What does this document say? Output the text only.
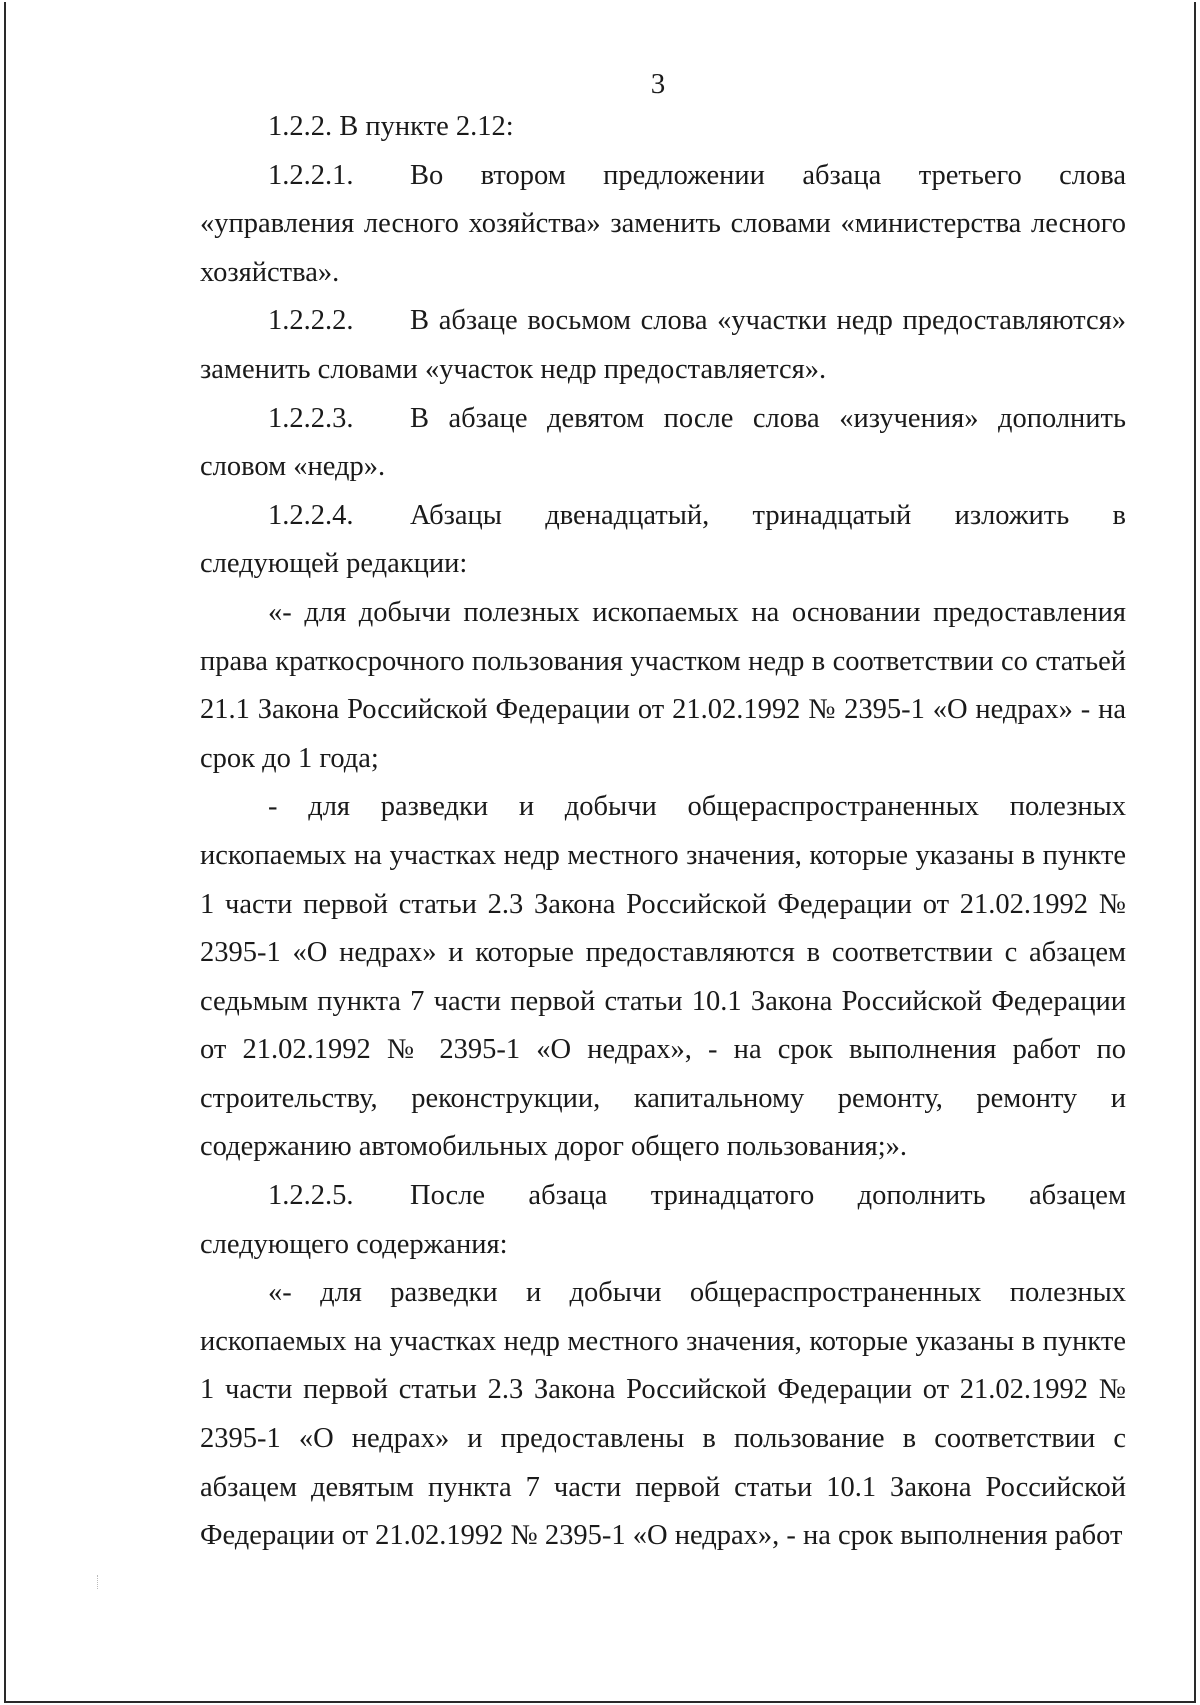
3

1.2.2. В пункте 2.12:

1.2.2.1. Во втором предложении абзаца третьего слова «управления лесного хозяйства» заменить словами «министерства лесного хозяйства».

1.2.2.2. В абзаце восьмом слова «участки недр предоставляются» заменить словами «участок недр предоставляется».

1.2.2.3. В абзаце девятом после слова «изучения» дополнить словом «недр».

1.2.2.4. Абзацы двенадцатый, тринадцатый изложить в следующей редакции:

«- для добычи полезных ископаемых на основании предоставления права краткосрочного пользования участком недр в соответствии со статьей 21.1 Закона Российской Федерации от 21.02.1992 № 2395-1 «О недрах» - на срок до 1 года;

- для разведки и добычи общераспространенных полезных ископаемых на участках недр местного значения, которые указаны в пункте 1 части первой статьи 2.3 Закона Российской Федерации от 21.02.1992 № 2395-1 «О недрах» и которые предоставляются в соответствии с абзацем седьмым пункта 7 части первой статьи 10.1 Закона Российской Федерации от 21.02.1992 № 2395-1 «О недрах», - на срок выполнения работ по строительству, реконструкции, капитальному ремонту, ремонту и содержанию автомобильных дорог общего пользования;».

1.2.2.5. После абзаца тринадцатого дополнить абзацем следующего содержания:

«- для разведки и добычи общераспространенных полезных ископаемых на участках недр местного значения, которые указаны в пункте 1 части первой статьи 2.3 Закона Российской Федерации от 21.02.1992 № 2395-1 «О недрах» и предоставлены в пользование в соответствии с абзацем девятым пункта 7 части первой статьи 10.1 Закона Российской Федерации от 21.02.1992 № 2395-1 «О недрах», - на срок выполнения работ
